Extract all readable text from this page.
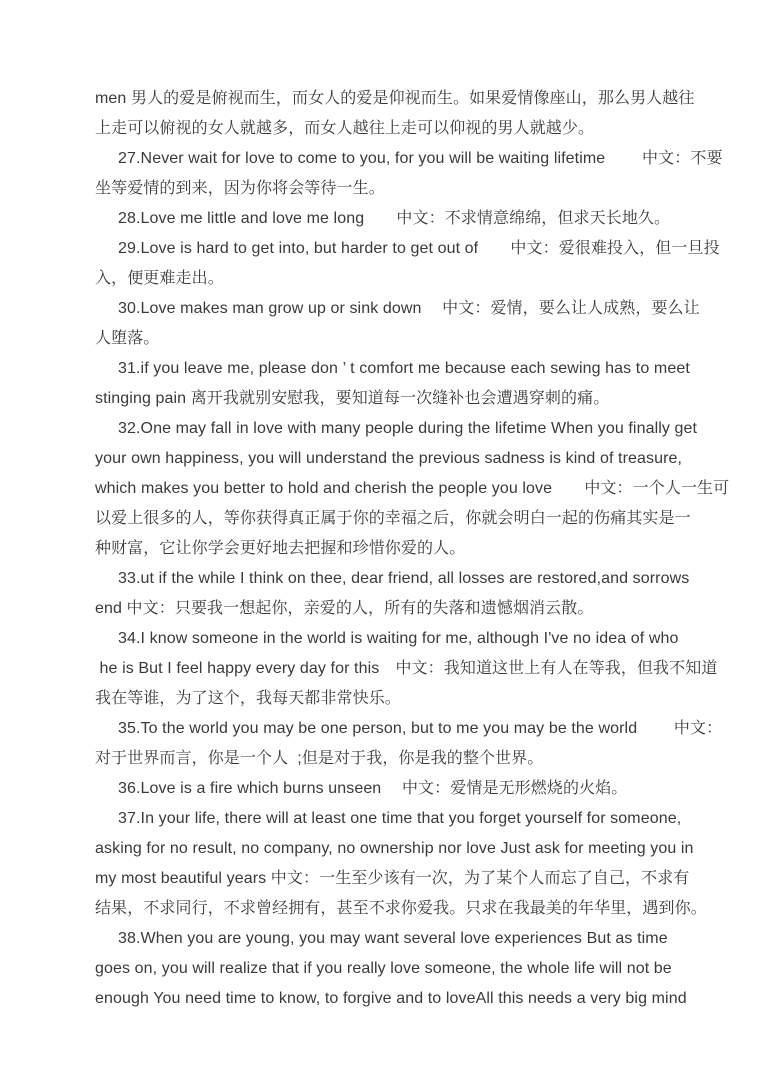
men 男人的爱是俯视而生，而女人的爱是仰视而生。如果爱情像座山，那么男人越往
上走可以俯视的女人就越多，而女人越往上走可以仰视的男人就越少。
27.Never wait for love to come to you, for you will be waiting lifetime　　 中文：不要
坐等爱情的到来，因为你将会等待一生。
28.Love me little and love me long　　中文：不求情意绵绵，但求天长地久。
29.Love is hard to get into, but harder to get out of　　中文：爱很难投入，但一旦投
入，便更难走出。
30.Love makes man grow up or sink down　 中文：爱情，要么让人成熟，要么让
人堕落。
31.if you leave me, please don ’ t comfort me because each sewing has to meet
stinging pain 离开我就别安慰我，要知道每一次缝补也会遭遇穿刺的痛。
32.One may fall in love with many people during the lifetime When you finally get
your own happiness, you will understand the previous sadness is kind of treasure,
which makes you better to hold and cherish the people you love　　中文：一个人一生可
以爱上很多的人，等你获得真正属于你的幸福之后，你就会明白一起的伤痛其实是一
种财富，它让你学会更好地去把握和珍惜你爱的人。
33.ut if the while I think on thee, dear friend, all losses are restored,and sorrows
end 中文：只要我一想起你，亲爱的人，所有的失落和遗憾烟消云散。
34.I know someone in the world is waiting for me, although I've no idea of who
he is But I feel happy every day for this　中文：我知道这世上有人在等我，但我不知道
我在等谁，为了这个，我每天都非常快乐。
35.To the world you may be one person, but to me you may be the world　　 中文：
对于世界而言，你是一个人  ;但是对于我，你是我的整个世界。
36.Love is a fire which burns unseen　 中文：爱情是无形燃烧的火焰。
37.In your life, there will at least one time that you forget yourself for someone,
asking for no result, no company, no ownership nor love Just ask for meeting you in
my most beautiful years 中文：一生至少该有一次，为了某个人而忘了自己，不求有
结果，不求同行，不求曾经拥有，甚至不求你爱我。只求在我最美的年华里，遇到你。
38.When you are young, you may want several love experiences But as time
goes on, you will realize that if you really love someone, the whole life will not be
enough You need time to know, to forgive and to loveAll this needs a very big mind
